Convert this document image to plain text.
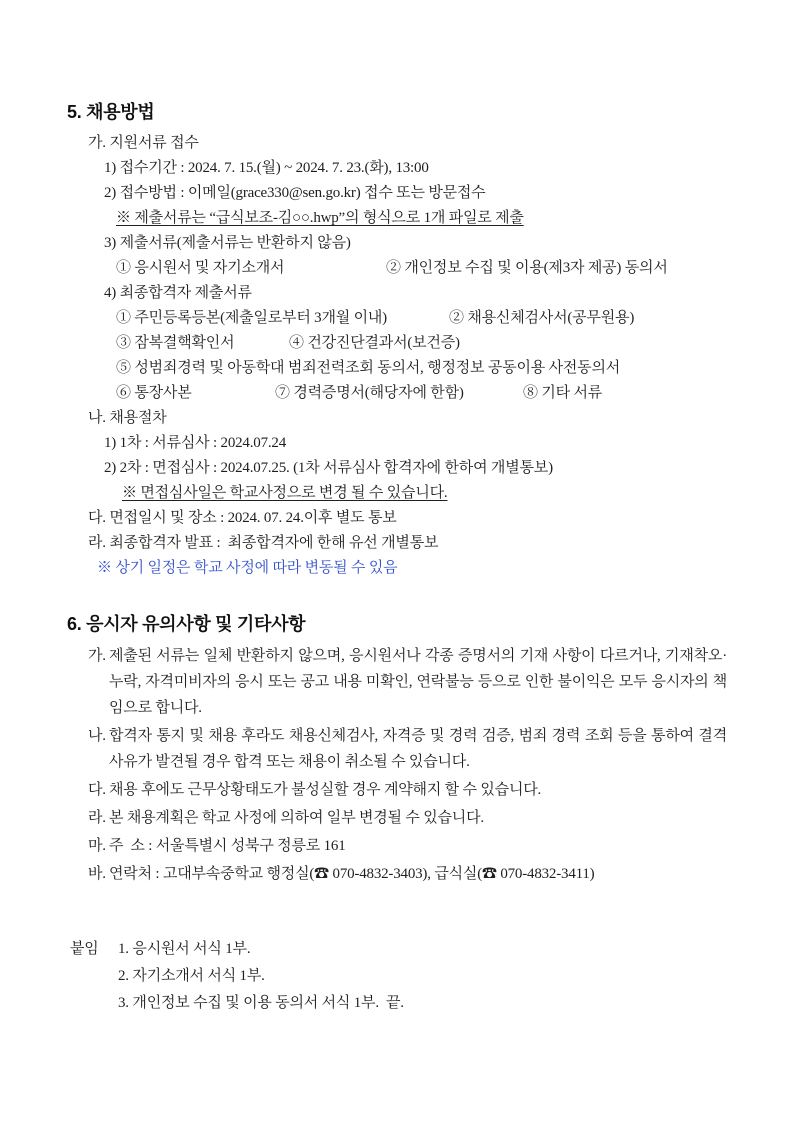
5. 채용방법
가. 지원서류 접수
1) 접수기간 : 2024. 7. 15.(월) ~ 2024. 7. 23.(화), 13:00
2) 접수방법 : 이메일(grace330@sen.go.kr) 접수 또는 방문접수
※ 제출서류는 “급식보조-김○○.hwp”의 형식으로 1개 파일로 제출
3) 제출서류(제출서류는 반환하지 않음)
① 응시원서 및 자기소개서	② 개인정보 수집 및 이용(제3자 제공) 동의서
4) 최종합격자 제출서류
① 주민등록등본(제출일로부터 3개월 이내)	② 채용신체검사서(공무원용)
③ 잠복결핵확인서	④ 건강진단결과서(보건증)
⑤ 성범죄경력 및 아동학대 범죄전력조회 동의서, 행정정보 공동이용 사전동의서
⑥ 통장사본	⑦ 경력증명서(해당자에 한함)	⑧ 기타 서류
나. 채용절차
1) 1차 : 서류심사 : 2024.07.24
2) 2차 : 면접심사 : 2024.07.25. (1차 서류심사 합격자에 한하여 개별통보)
※ 면접심사일은 학교사정으로 변경 될 수 있습니다.
다. 면접일시 및 장소 : 2024. 07. 24.이후 별도 통보
라. 최종합격자 발표 :  최종합격자에 한해 유선 개별통보
※ 상기 일정은 학교 사정에 따라 변동될 수 있음
6. 응시자 유의사항 및 기타사항
가. 제출된 서류는 일체 반환하지 않으며, 응시원서나 각종 증명서의 기재 사항이 다르거나, 기재착오·누락, 자격미비자의 응시 또는 공고 내용 미확인, 연락불능 등으로 인한 불이익은 모두 응시자의 책임으로 합니다.
나. 합격자 통지 및 채용 후라도 채용신체검사, 자격증 및 경력 검증, 범죄 경력 조회 등을 통하여 결격 사유가 발견될 경우 합격 또는 채용이 취소될 수 있습니다.
다. 채용 후에도 근무상황태도가 불성실할 경우 계약해지 할 수 있습니다.
라. 본 채용계획은 학교 사정에 의하여 일부 변경될 수 있습니다.
마. 주  소 : 서울특별시 성북구 정릉로 161
바. 연락처 : 고대부속중학교 행정실(☎ 070-4832-3403), 급식실(☎ 070-4832-3411)
붙임	1. 응시원서 서식 1부.
2. 자기소개서 서식 1부.
3. 개인정보 수집 및 이용 동의서 서식 1부.  끝.
